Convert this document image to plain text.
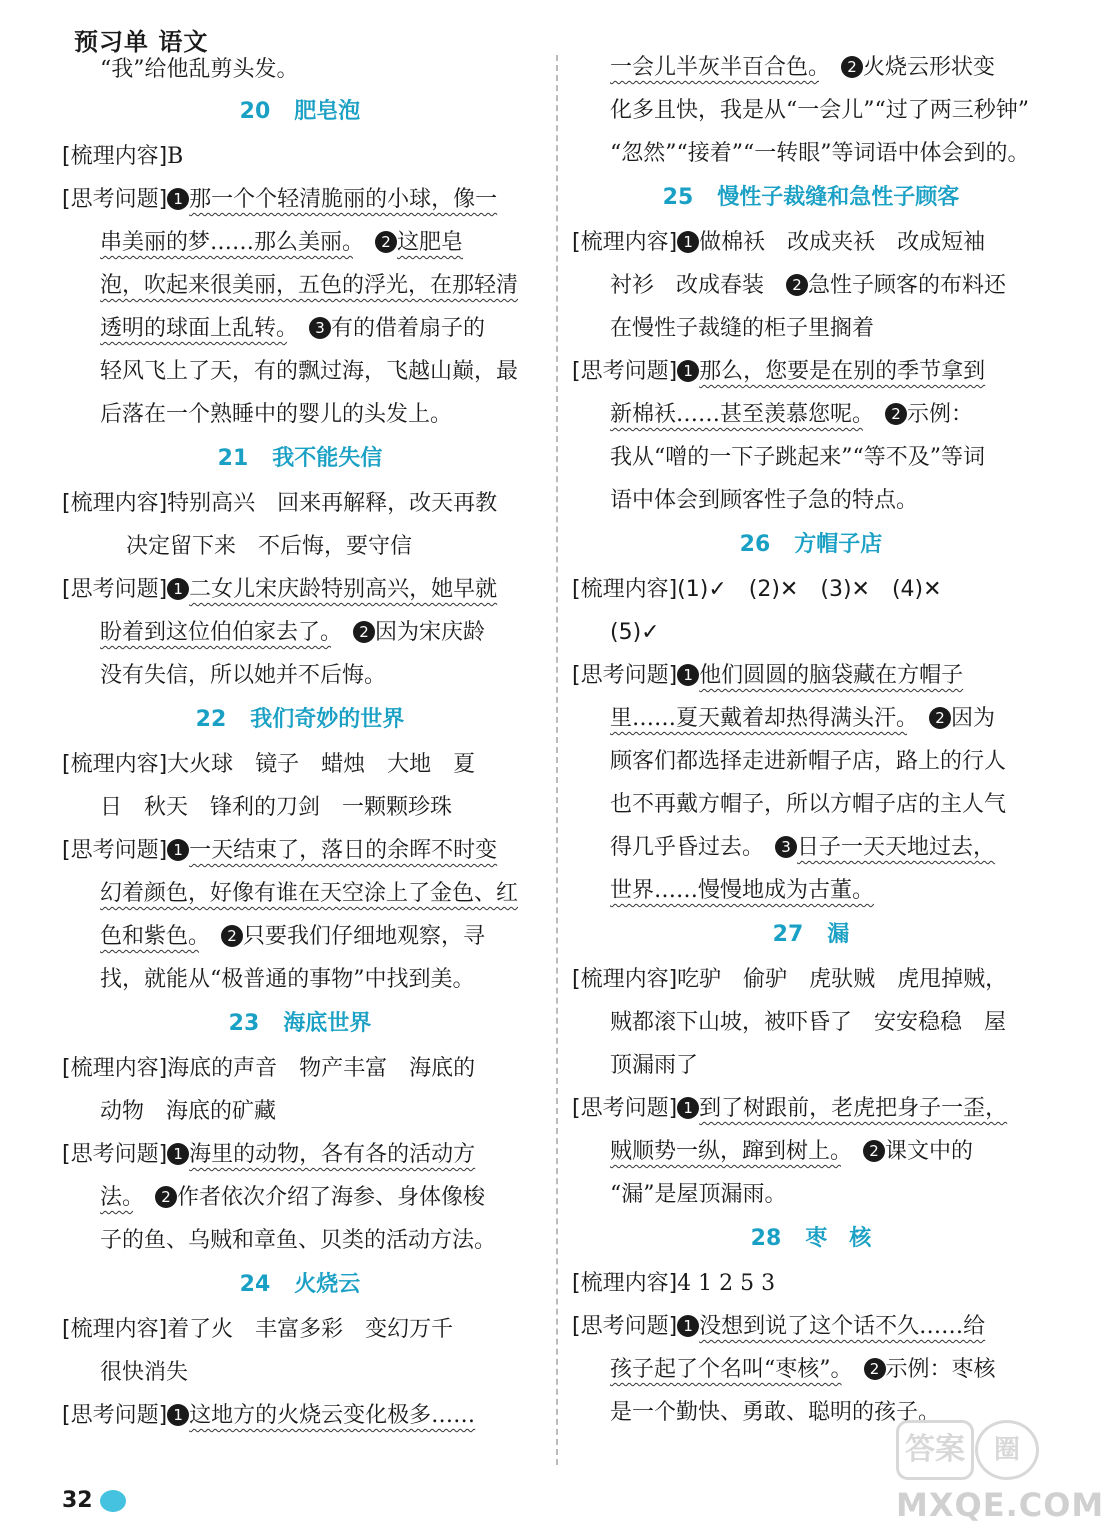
预习单 语文
“我”给他乱剪头发。
20 肥皂泡
[梳理内容]B
[思考问题] 1 那一个个轻清脆丽的小球，像一
串美丽的梦……那么美丽。　 2 这肥皂
泡，吹起来很美丽，五色的浮光，在那轻清
透明的球面上乱转。　 3 有的借着扇子的
轻风飞上了天，有的飘过海，飞越山巅，最
后落在一个熟睡中的婴儿的头发上。
21 我不能失信
[梳理内容]特别高兴　回来再解释，改天再教
决定留下来　不后悔，要守信
[思考问题] 1 二女儿宋庆龄特别高兴，她早就
盼着到这位伯伯家去了。　 2 因为宋庆龄
没有失信，所以她并不后悔。
22 我们奇妙的世界
[梳理内容]大火球　镜子　蜡烛　大地　夏
日　秋天　锋利的刀剑　一颗颗珍珠
[思考问题] 1 一天结束了，落日的余晖不时变
幻着颜色，好像有谁在天空涂上了金色、红
色和紫色。　 2 只要我们仔细地观察，寻
找，就能从“极普通的事物”中找到美。
23 海底世界
[梳理内容]海底的声音　物产丰富　海底的
动物　海底的矿藏
[思考问题] 1 海里的动物，各有各的活动方
法。　 2 作者依次介绍了海参、身体像梭
子的鱼、乌贼和章鱼、贝类的活动方法。
24 火烧云
[梳理内容]着了火　丰富多彩　变幻万千
很快消失
[思考问题] 1 这地方的火烧云变化极多……
一会儿半灰半百合色。　 2 火烧云形状变
化多且快，我是从“一会儿”“过了两三秒钟”
“忽然”“接着”“一转眼”等词语中体会到的。
25 慢性子裁缝和急性子顾客
[梳理内容] 1 做棉袄　改成夹袄　改成短袖
衬衫　改成春装　 2 急性子顾客的布料还
在慢性子裁缝的柜子里搁着
[思考问题] 1 那么，您要是在别的季节拿到
新棉袄……甚至羡慕您呢。　 2 示例：
我从“噌的一下子跳起来”“等不及”等词
语中体会到顾客性子急的特点。
26 方帽子店
[梳理内容](1)✓　(2)✕　(3)✕　(4)✕
(5)✓
[思考问题] 1 他们圆圆的脑袋藏在方帽子
里……夏天戴着却热得满头汗。　 2 因为
顾客们都选择走进新帽子店，路上的行人
也不再戴方帽子，所以方帽子店的主人气
得几乎昏过去。　 3 日子一天天地过去，
世界……慢慢地成为古董。
27 漏
[梳理内容]吃驴　偷驴　虎驮贼　虎甩掉贼，
贼都滚下山坡，被吓昏了　安安稳稳　屋
顶漏雨了
[思考问题] 1 到了树跟前，老虎把身子一歪，
贼顺势一纵，蹿到树上。　 2 课文中的
“漏”是屋顶漏雨。
28 枣　核
[梳理内容]4 1 2 5 3
[思考问题] 1 没想到说了这个话不久……给
孩子起了个名叫“枣核”。　 2 示例：枣核
是一个勤快、勇敢、聪明的孩子。
32
答案	圈
MXQE.COM
